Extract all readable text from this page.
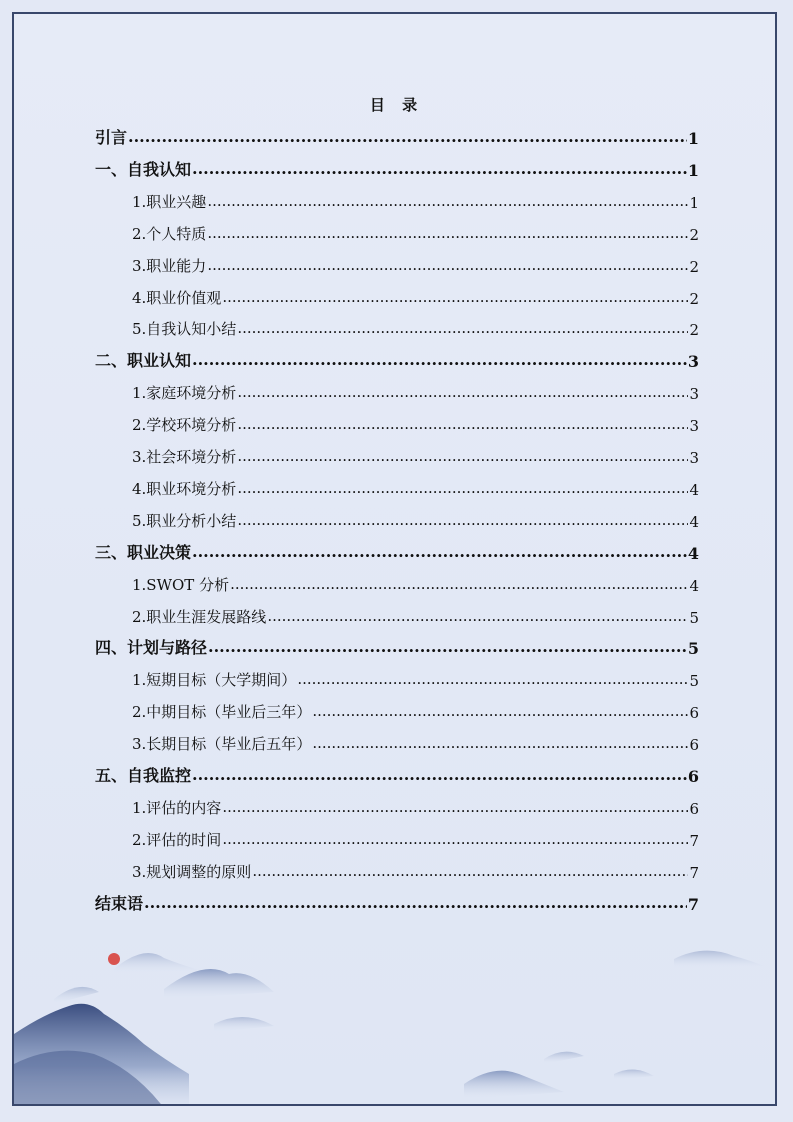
目 录
引言 .....	1
一、自我认知 .....	1
1.职业兴趣 .....	1
2.个人特质 .....	2
3.职业能力 .....	2
4.职业价值观 .....	2
5.自我认知小结 .....	2
二、职业认知 .....	3
1.家庭环境分析 .....	3
2.学校环境分析 .....	3
3.社会环境分析 .....	3
4.职业环境分析 .....	4
5.职业分析小结 .....	4
三、职业决策 .....	4
1.SWOT 分析 .....	4
2.职业生涯发展路线 .....	5
四、计划与路径 .....	5
1.短期目标（大学期间） .....	5
2.中期目标（毕业后三年） .....	6
3.长期目标（毕业后五年） .....	6
五、自我监控 .....	6
1.评估的内容 .....	6
2.评估的时间 .....	7
3.规划调整的原则 .....	7
结束语 .....	7
